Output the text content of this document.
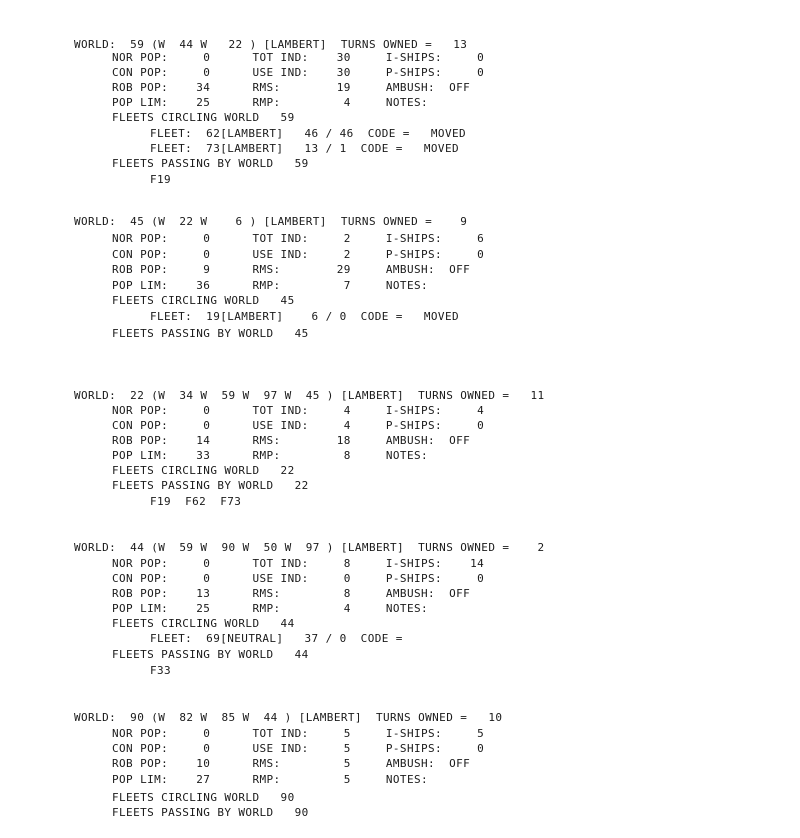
WORLD:  59 (W  44 W   22 ) [LAMBERT]  TURNS OWNED =   13
NOR POP:     0      TOT IND:    30     I-SHIPS:     0
CON POP:     0      USE IND:    30     P-SHIPS:     0
ROB POP:    34      RMS:        19     AMBUSH:  OFF
POP LIM:    25      RMP:         4     NOTES:
FLEETS CIRCLING WORLD   59
FLEET:  62[LAMBERT]   46 / 46  CODE =   MOVED
FLEET:  73[LAMBERT]   13 / 1  CODE =   MOVED
FLEETS PASSING BY WORLD   59
F19
WORLD:  45 (W  22 W    6 ) [LAMBERT]  TURNS OWNED =    9
NOR POP:     0      TOT IND:     2     I-SHIPS:     6
CON POP:     0      USE IND:     2     P-SHIPS:     0
ROB POP:     9      RMS:        29     AMBUSH:  OFF
POP LIM:    36      RMP:         7     NOTES:
FLEETS CIRCLING WORLD   45
FLEET:  19[LAMBERT]    6 / 0  CODE =   MOVED
FLEETS PASSING BY WORLD   45
WORLD:  22 (W  34 W  59 W  97 W  45 ) [LAMBERT]  TURNS OWNED =   11
NOR POP:     0      TOT IND:     4     I-SHIPS:     4
CON POP:     0      USE IND:     4     P-SHIPS:     0
ROB POP:    14      RMS:        18     AMBUSH:  OFF
POP LIM:    33      RMP:         8     NOTES:
FLEETS CIRCLING WORLD   22
FLEETS PASSING BY WORLD   22
F19  F62  F73
WORLD:  44 (W  59 W  90 W  50 W  97 ) [LAMBERT]  TURNS OWNED =    2
NOR POP:     0      TOT IND:     8     I-SHIPS:    14
CON POP:     0      USE IND:     0     P-SHIPS:     0
ROB POP:    13      RMS:         8     AMBUSH:  OFF
POP LIM:    25      RMP:         4     NOTES:
FLEETS CIRCLING WORLD   44
FLEET:  69[NEUTRAL]   37 / 0  CODE =
FLEETS PASSING BY WORLD   44
F33
WORLD:  90 (W  82 W  85 W  44 ) [LAMBERT]  TURNS OWNED =   10
NOR POP:     0      TOT IND:     5     I-SHIPS:     5
CON POP:     0      USE IND:     5     P-SHIPS:     0
ROB POP:    10      RMS:         5     AMBUSH:  OFF
POP LIM:    27      RMP:         5     NOTES:
FLEETS CIRCLING WORLD   90
FLEETS PASSING BY WORLD   90
